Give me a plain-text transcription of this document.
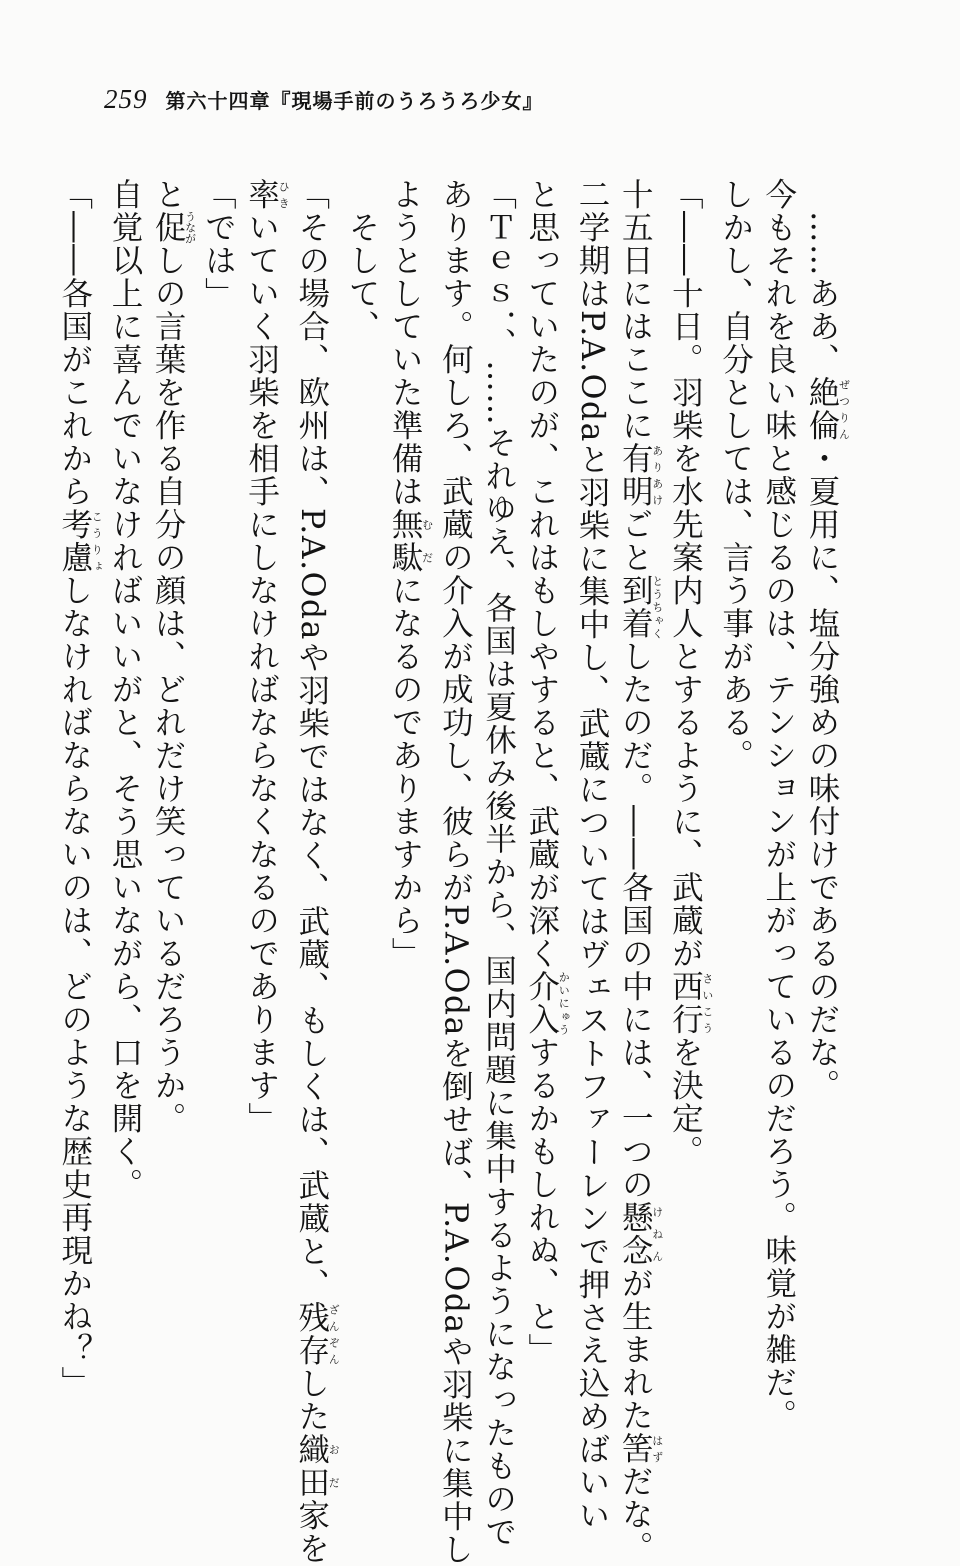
259 第六十四章『現場手前のうろうろ少女』
……ああ、絶倫ぜつりん・夏用に、塩分強めの味付けであるのだな。
今もそれを良い味と感じるのは、テンションが上がっているのだろう。味覚が雑だ。
しかし、自分としては、言う事がある。
「――十日。羽柴を水先案内人とするように、武蔵が西行さいこうを決定。
十五日にはここに有明ありあけごと到着とうちゃくしたのだ。――各国の中には、一つの懸念けねんが生まれた筈はずだな。
二学期はP.A.Odaと羽柴に集中し、武蔵についてはヴェストファーレンで押さえ込めばいい
と思っていたのが、これはもしやすると、武蔵が深く介入かいにゅうするかもしれぬ、と」
「Ｔｅｓ．、……それゆえ、各国は夏休み後半から、国内問題に集中するようになったもので
あります。何しろ、武蔵の介入が成功し、彼らがP.A.Odaを倒せば、P.A.Odaや羽柴に集中し
ようとしていた準備は無駄むだになるのでありますから」
そして、
「その場合、欧州は、P.A.Odaや羽柴ではなく、武蔵、もしくは、武蔵と、残存ざんぞんした織田おだ家を
率ひきいていく羽柴を相手にしなければならなくなるのであります」
「では」
と促うながしの言葉を作る自分の顔は、どれだけ笑っているだろうか。
自覚以上に喜んでいなければいいがと、そう思いながら、口を開く。
「――各国がこれから考慮こうりょしなければならないのは、どのような歴史再現かね？」
